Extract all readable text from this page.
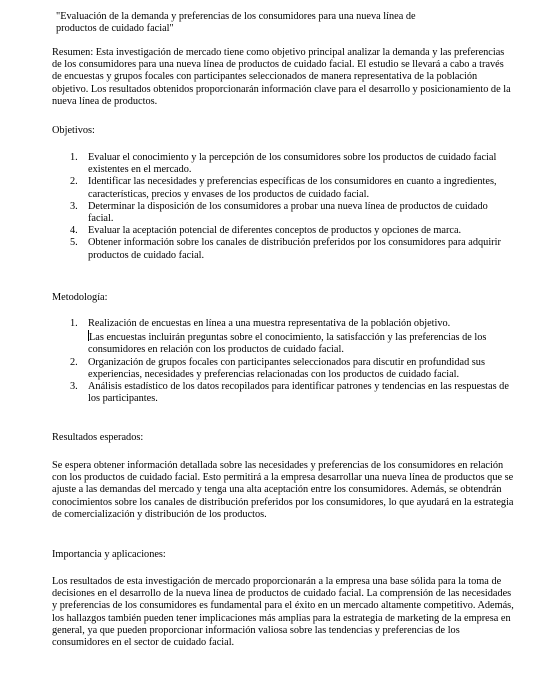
"Evaluación de la demanda y preferencias de los consumidores para una nueva línea de
productos de cuidado facial"

Resumen: Esta investigación de mercado tiene como objetivo principal analizar la demanda y las preferencias de los consumidores para una nueva línea de productos de cuidado facial. El estudio se llevará a cabo a través de encuestas y grupos focales con participantes seleccionados de manera representativa de la población objetivo. Los resultados obtenidos proporcionarán información clave para el desarrollo y posicionamiento de la nueva línea de productos.

Objetivos:

1. Evaluar el conocimiento y la percepción de los consumidores sobre los productos de cuidado facial existentes en el mercado.
2. Identificar las necesidades y preferencias específicas de los consumidores en cuanto a ingredientes, características, precios y envases de los productos de cuidado facial.
3. Determinar la disposición de los consumidores a probar una nueva línea de productos de cuidado facial.
4. Evaluar la aceptación potencial de diferentes conceptos de productos y opciones de marca.
5. Obtener información sobre los canales de distribución preferidos por los consumidores para adquirir productos de cuidado facial.

Metodología:

1. Realización de encuestas en línea a una muestra representativa de la población objetivo.
Las encuestas incluirán preguntas sobre el conocimiento, la satisfacción y las preferencias de los consumidores en relación con los productos de cuidado facial.
2. Organización de grupos focales con participantes seleccionados para discutir en profundidad sus experiencias, necesidades y preferencias relacionadas con los productos de cuidado facial.
3. Análisis estadístico de los datos recopilados para identificar patrones y tendencias en las respuestas de los participantes.

Resultados esperados:

Se espera obtener información detallada sobre las necesidades y preferencias de los consumidores en relación con los productos de cuidado facial. Esto permitirá a la empresa desarrollar una nueva línea de productos que se ajuste a las demandas del mercado y tenga una alta aceptación entre los consumidores. Además, se obtendrán conocimientos sobre los canales de distribución preferidos por los consumidores, lo que ayudará en la estrategia de comercialización y distribución de los productos.

Importancia y aplicaciones:

Los resultados de esta investigación de mercado proporcionarán a la empresa una base sólida para la toma de decisiones en el desarrollo de la nueva línea de productos de cuidado facial. La comprensión de las necesidades y preferencias de los consumidores es fundamental para el éxito en un mercado altamente competitivo. Además, los hallazgos también pueden tener implicaciones más amplias para la estrategia de marketing de la empresa en general, ya que pueden proporcionar información valiosa sobre las tendencias y preferencias de los consumidores en el sector de cuidado facial.
